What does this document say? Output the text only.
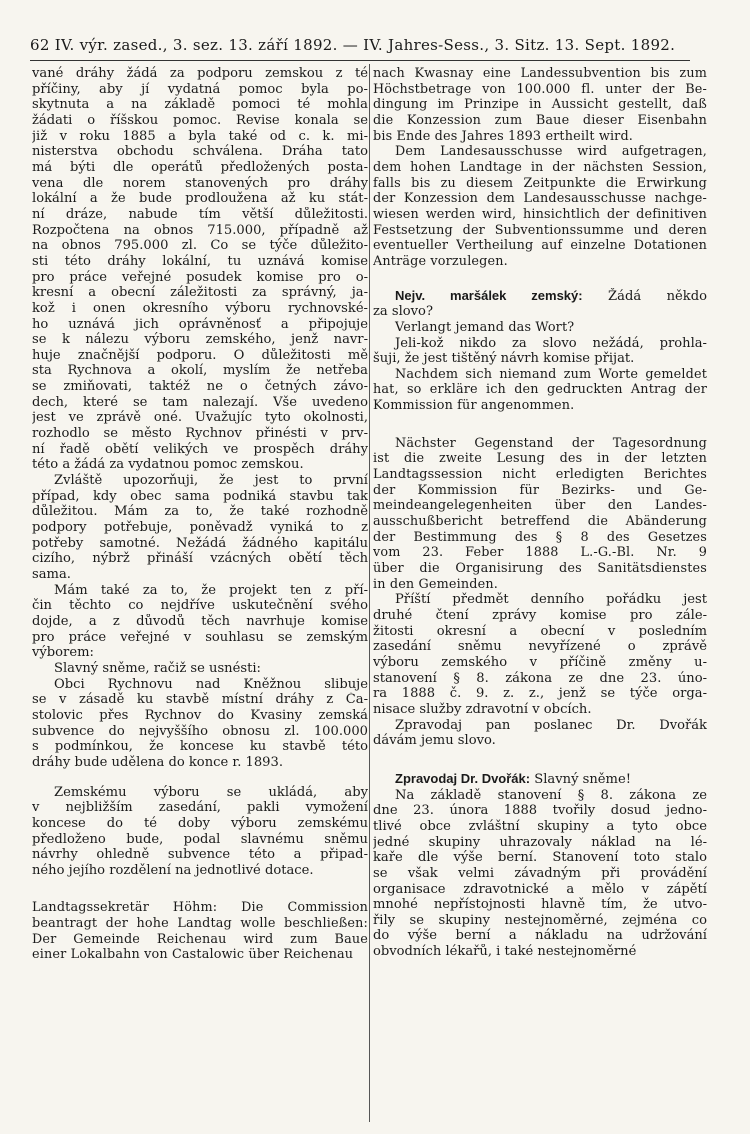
62 IV. výr. zased., 3. sez. 13. září 1892. — IV. Jahres-Sess., 3. Sitz. 13. Sept. 1892.

vané dráhy žádá za podporu zemskou z té
příčiny, aby jí vydatná pomoc byla po-
skytnuta a na základě pomoci té mohla
žádati o říšskou pomoc. Revise konala se
již v roku 1885 a byla také od c. k. mi-
nisterstva obchodu schválena. Dráha tato
má býti dle operátů předložených posta-
vena dle norem stanovených pro dráhy
lokální a že bude prodloužena až ku stát-
ní dráze, nabude tím větší důležitosti.
Rozpočtena na obnos 715.000, případně až
na obnos 795.000 zl. Co se týče důležito-
sti této dráhy lokální, tu uznává komise
pro práce veřejné posudek komise pro o-
kresní a obecní záležitosti za správný, ja-
kož i onen okresního výboru rychnovské-
ho uznává jich oprávněnosť a připojuje
se k nálezu výboru zemského, jenž navr-
huje značnější podporu. O důležitosti mě
sta Rychnova a okolí, myslím že netřeba
se zmiňovati, taktéž ne o četných závo-
dech, které se tam nalezají. Vše uvedeno
jest ve zprávě oné. Uvažujíc tyto okolnosti,
rozhodlo se město Rychnov přinésti v prv-
ní řadě obětí velikých ve prospěch dráhy
této a žádá za vydatnou pomoc zemskou.

Zvláště upozorňuji, že jest to první
případ, kdy obec sama podniká stavbu tak
důležitou. Mám za to, že také rozhodně
podpory potřebuje, poněvadž vyniká to z
potřeby samotné. Nežádá žádného kapitálu
cizího, nýbrž přináší vzácných obětí těch
sama.

Mám také za to, že projekt ten z pří-
čin těchto co nejdříve uskutečnění svého
dojde, a z důvodů těch navrhuje komise
pro práce veřejné v souhlasu se zemským
výborem:

Slavný sněme, račiž se usnésti:

Obci Rychnovu nad Kněžnou slibuje
se v zásadě ku stavbě místní dráhy z Ča-
stolovic přes Rychnov do Kvasiny zemská
subvence do nejvyššího obnosu zl. 100.000
s podmínkou, že koncese ku stavbě této
dráhy bude udělena do konce r. 1893.

Zemskému výboru se ukládá, aby
v nejbližším zasedání, pakli vymožení
koncese do té doby výboru zemskému
předloženo bude, podal slavnému sněmu
návrhy ohledně subvence této a připad-
ného jejího rozdělení na jednotlivé dotace.

Landtagssekretär Höhm: Die Commission
beantragt der hohe Landtag wolle beschließen:
Der Gemeinde Reichenau wird zum Baue
einer Lokalbahn von Castalowic über Reichenau

nach Kwasnay eine Landessubvention bis zum
Höchstbetrage von 100.000 fl. unter der Be-
dingung im Prinzipe in Aussicht gestellt, daß
die Konzession zum Baue dieser Eisenbahn
bis Ende des Jahres 1893 ertheilt wird.

Dem Landesausschusse wird aufgetragen,
dem hohen Landtage in der nächsten Session,
falls bis zu diesem Zeitpunkte die Erwirkung
der Konzession dem Landesausschusse nachge-
wiesen werden wird, hinsichtlich der definitiven
Festsetzung der Subventionssumme und deren
eventueller Vertheilung auf einzelne Dotationen
Anträge vorzulegen.

Nejv. maršálek zemský: Žádá někdo
za slovo?

Verlangt jemand das Wort?

Jeli-kož nikdo za slovo nežádá, prohla-
šuji, že jest tištěný návrh komise přijat.

Nachdem sich niemand zum Worte gemeldet
hat, so erkläre ich den gedruckten Antrag der
Kommission für angenommen.

Nächster Gegenstand der Tagesordnung
ist die zweite Lesung des in der letzten
Landtagssession nicht erledigten Berichtes
der Kommission für Bezirks- und Ge-
meindeangelegenheiten über den Landes-
ausschußbericht betreffend die Abänderung
der Bestimmung des § 8 des Gesetzes
vom 23. Feber 1888 L.-G.-Bl. Nr. 9
über die Organisirung des Sanitätsdienstes
in den Gemeinden.

Příští předmět denního pořádku jest
druhé čtení zprávy komise pro zále-
žitosti okresní a obecní v posledním
zasedání sněmu nevyřízené o zprávě
výboru zemského v příčině změny u-
stanovení § 8. zákona ze dne 23. úno-
ra 1888 č. 9. z. z., jenž se týče orga-
nisace služby zdravotní v obcích.

Zpravodaj pan poslanec Dr. Dvořák
dávám jemu slovo.

Zpravodaj Dr. Dvořák: Slavný sněme!

Na základě stanovení § 8. zákona ze
dne 23. února 1888 tvořily dosud jedno-
tlivé obce zvláštní skupiny a tyto obce
jedné skupiny uhrazovaly náklad na lé-
kaře dle výše berní. Stanovení toto stalo
se však velmi závadným při provádění
organisace zdravotnické a mělo v zápětí
mnohé nepřístojnosti hlavně tím, že utvo-
řily se skupiny nestejnoměrné, zejména co
do výše berní a nákladu na udržování
obvodních lékařů, i také nestejnoměrné
